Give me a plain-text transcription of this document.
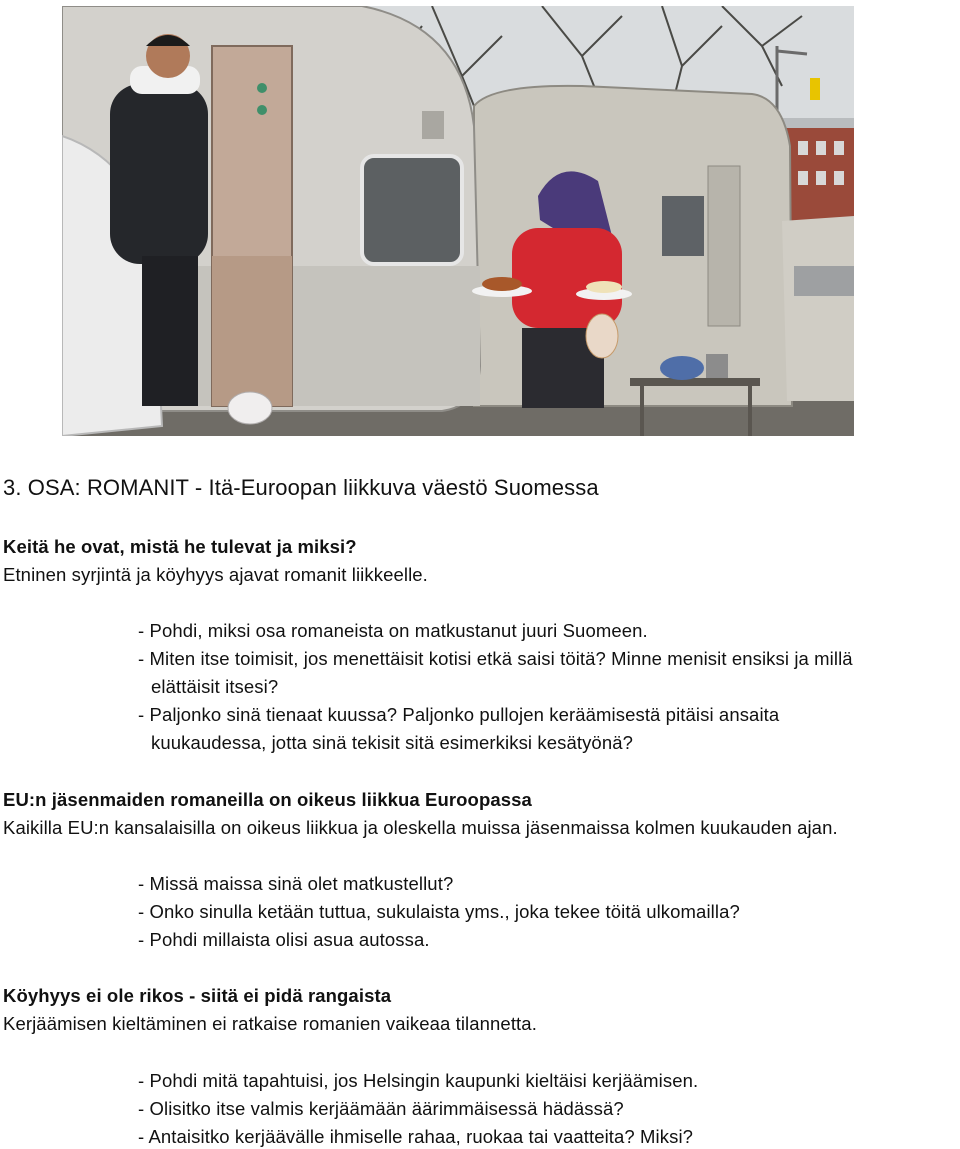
3. OSA: ROMANIT - Itä-Euroopan liikkuva väestö Suomessa
Keitä he ovat, mistä he tulevat ja miksi?
Etninen syrjintä ja köyhyys ajavat romanit liikkeelle.
- Pohdi, miksi osa romaneista on matkustanut juuri Suomeen.
- Miten itse toimisit, jos menettäisit kotisi etkä saisi töitä? Minne menisit ensiksi ja millä
elättäisit itsesi?
- Paljonko sinä tienaat kuussa? Paljonko pullojen keräämisestä pitäisi ansaita
kuukaudessa, jotta sinä tekisit sitä esimerkiksi kesätyönä?
EU:n jäsenmaiden romaneilla on oikeus liikkua Euroopassa
Kaikilla EU:n kansalaisilla on oikeus liikkua ja oleskella muissa jäsenmaissa kolmen kuukauden ajan.
- Missä maissa sinä olet matkustellut?
- Onko sinulla ketään tuttua, sukulaista yms., joka tekee töitä ulkomailla?
- Pohdi millaista olisi asua autossa.
Köyhyys ei ole rikos - siitä ei pidä rangaista
Kerjäämisen kieltäminen ei ratkaise romanien vaikeaa tilannetta.
- Pohdi mitä tapahtuisi, jos Helsingin kaupunki kieltäisi kerjäämisen.
- Olisitko itse valmis kerjäämään äärimmäisessä hädässä?
- Antaisitko kerjäävälle ihmiselle rahaa, ruokaa tai vaatteita? Miksi?
